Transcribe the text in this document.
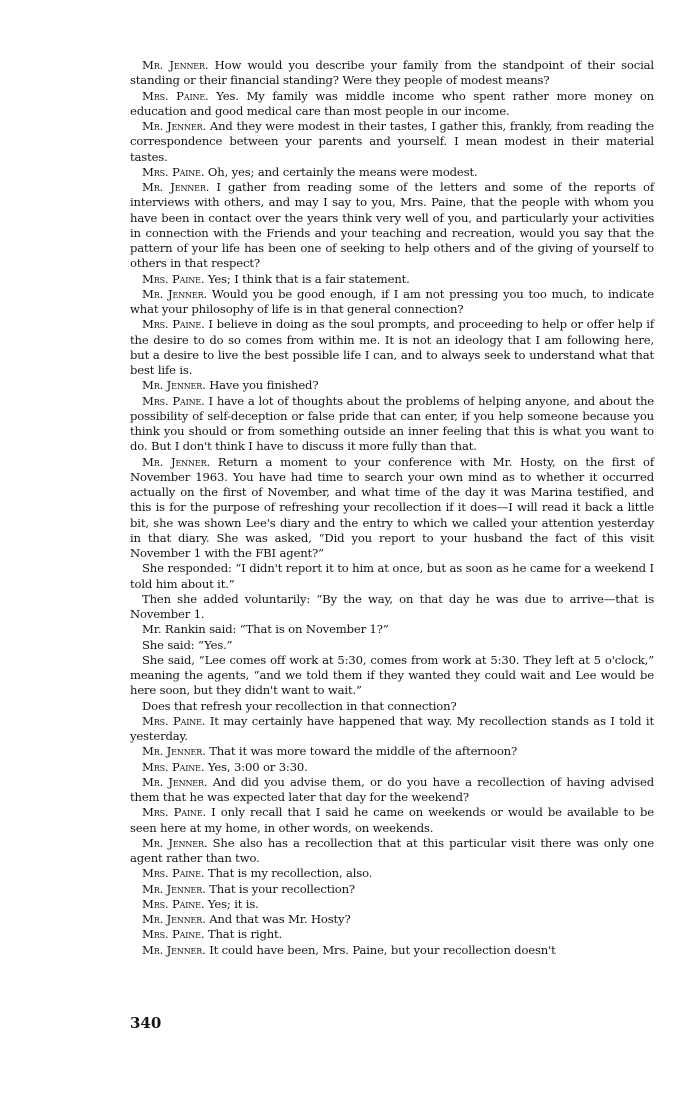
Mr. Jenner. How would you describe your family from the standpoint of their social standing or their financial standing? Were they people of modest means?

Mrs. Paine. Yes. My family was middle income who spent rather more money on education and good medical care than most people in our income.

Mr. Jenner. And they were modest in their tastes, I gather this, frankly, from reading the correspondence between your parents and yourself. I mean modest in their material tastes.

Mrs. Paine. Oh, yes; and certainly the means were modest.

Mr. Jenner. I gather from reading some of the letters and some of the reports of interviews with others, and may I say to you, Mrs. Paine, that the people with whom you have been in contact over the years think very well of you, and particularly your activities in connection with the Friends and your teaching and recreation, would you say that the pattern of your life has been one of seeking to help others and of the giving of yourself to others in that respect?

Mrs. Paine. Yes; I think that is a fair statement.

Mr. Jenner. Would you be good enough, if I am not pressing you too much, to indicate what your philosophy of life is in that general connection?

Mrs. Paine. I believe in doing as the soul prompts, and proceeding to help or offer help if the desire to do so comes from within me. It is not an ideology that I am following here, but a desire to live the best possible life I can, and to always seek to understand what that best life is.

Mr. Jenner. Have you finished?

Mrs. Paine. I have a lot of thoughts about the problems of helping anyone, and about the possibility of self-deception or false pride that can enter, if you help someone because you think you should or from something outside an inner feeling that this is what you want to do. But I don't think I have to discuss it more fully than that.

Mr. Jenner. Return a moment to your conference with Mr. Hosty, on the first of November 1963. You have had time to search your own mind as to whether it occurred actually on the first of November, and what time of the day it was Marina testified, and this is for the purpose of refreshing your recollection if it does—I will read it back a little bit, she was shown Lee's diary and the entry to which we called your attention yesterday in that diary. She was asked, “Did you report to your husband the fact of this visit November 1 with the FBI agent?”

She responded: “I didn't report it to him at once, but as soon as he came for a weekend I told him about it.”

Then she added voluntarily: “By the way, on that day he was due to arrive—that is November 1.

Mr. Rankin said: “That is on November 1?”

She said: “Yes.”

She said, “Lee comes off work at 5:30, comes from work at 5:30. They left at 5 o'clock,” meaning the agents, “and we told them if they wanted they could wait and Lee would be here soon, but they didn't want to wait.”

Does that refresh your recollection in that connection?

Mrs. Paine. It may certainly have happened that way. My recollection stands as I told it yesterday.

Mr. Jenner. That it was more toward the middle of the afternoon?

Mrs. Paine. Yes, 3:00 or 3:30.

Mr. Jenner. And did you advise them, or do you have a recollection of having advised them that he was expected later that day for the weekend?

Mrs. Paine. I only recall that I said he came on weekends or would be available to be seen here at my home, in other words, on weekends.

Mr. Jenner. She also has a recollection that at this particular visit there was only one agent rather than two.

Mrs. Paine. That is my recollection, also.

Mr. Jenner. That is your recollection?

Mrs. Paine. Yes; it is.

Mr. Jenner. And that was Mr. Hosty?

Mrs. Paine. That is right.

Mr. Jenner. It could have been, Mrs. Paine, but your recollection doesn't

340
